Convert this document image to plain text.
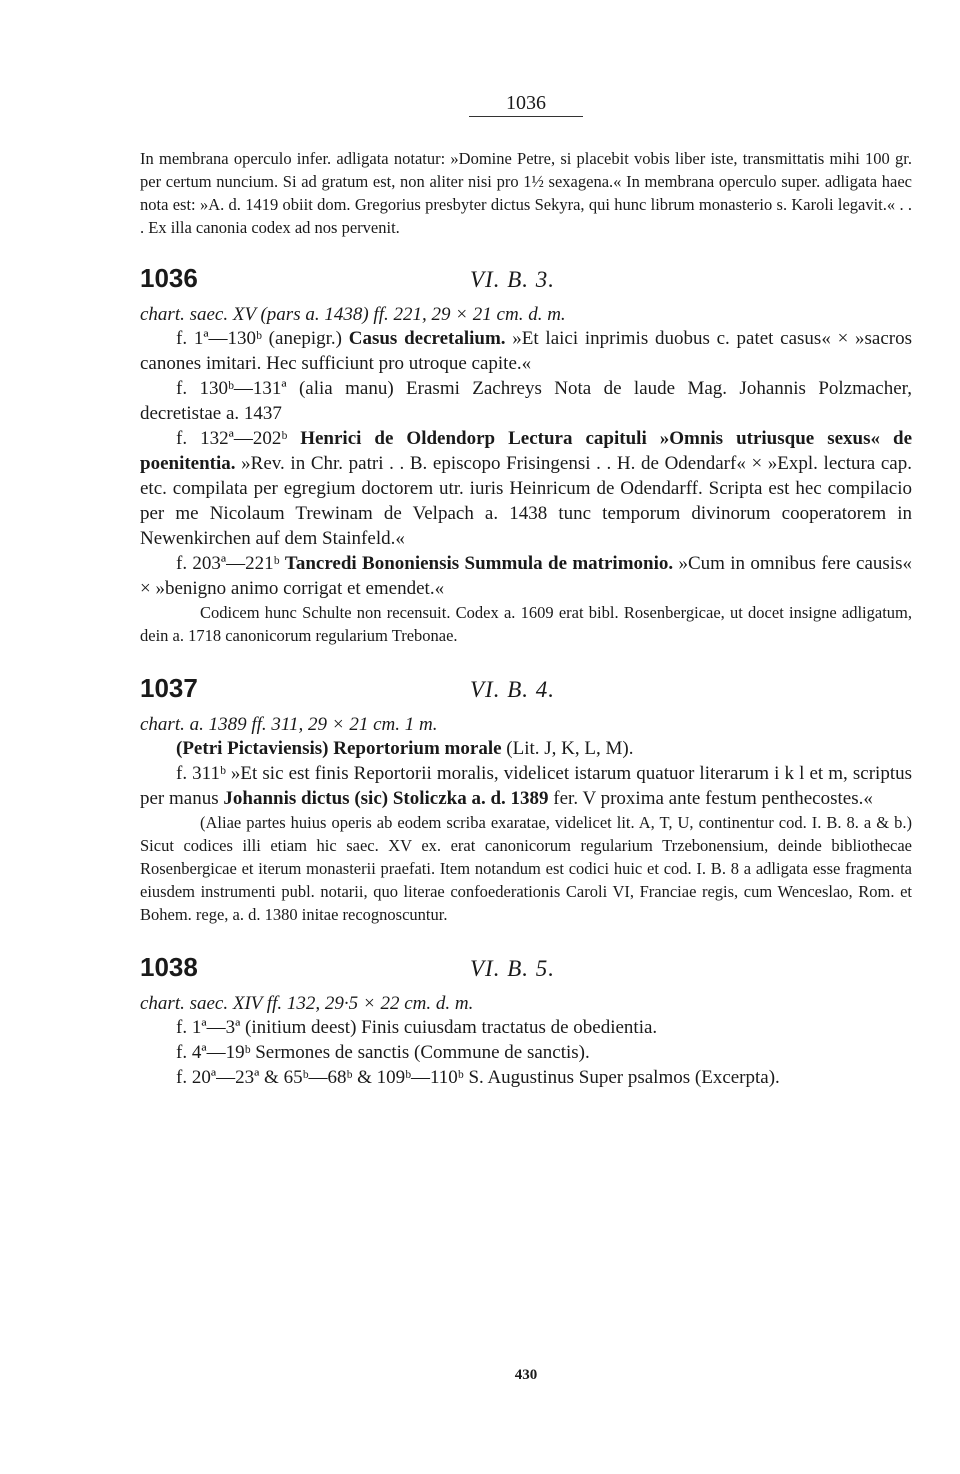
1036

In membrana operculo infer. adligata notatur: »Domine Petre, si placebit vobis liber iste, transmittatis mihi 100 gr. per certum nuncium. Si ad gratum est, non aliter nisi pro 1½ sexagena.« In membrana operculo super. adligata haec nota est: »A. d. 1419 obiit dom. Gregorius presbyter dictus Sekyra, qui hunc librum monasterio s. Karoli legavit.« . . . Ex illa canonia codex ad nos pervenit.

1036	VI. B. 3.

chart. saec. XV (pars a. 1438) ff. 221, 29 × 21 cm. d. m.

f. 1ª—130ᵇ (anepigr.) Casus decretalium. »Et laici inprimis duobus c. patet casus« × »sacros canones imitari. Hec sufficiunt pro utroque capite.«

f. 130ᵇ—131ª (alia manu) Erasmi Zachreys Nota de laude Mag. Johannis Polzmacher, decretistae a. 1437

f. 132ª—202ᵇ Henrici de Oldendorp Lectura capituli »Omnis utriusque sexus« de poenitentia. »Rev. in Chr. patri . . B. episcopo Frisingensi . . H. de Odendarf« × »Expl. lectura cap. etc. compilata per egregium doctorem utr. iuris Heinricum de Odendarff. Scripta est hec compilacio per me Nicolaum Trewinam de Velpach a. 1438 tunc temporum divinorum cooperatorem in Newenkirchen auf dem Stainfeld.«

f. 203ª—221ᵇ Tancredi Bononiensis Summula de matrimonio. »Cum in omnibus fere causis« × »benigno animo corrigat et emendet.«

Codicem hunc Schulte non recensuit. Codex a. 1609 erat bibl. Rosenbergicae, ut docet insigne adligatum, dein a. 1718 canonicorum regularium Trebonae.

1037	VI. B. 4.

chart. a. 1389 ff. 311, 29 × 21 cm. 1 m.

(Petri Pictaviensis) Reportorium morale (Lit. J, K, L, M).

f. 311ᵇ »Et sic est finis Reportorii moralis, videlicet istarum quatuor literarum i k l et m, scriptus per manus Johannis dictus (sic) Stoliczka a. d. 1389 fer. V proxima ante festum penthecostes.«

(Aliae partes huius operis ab eodem scriba exaratae, videlicet lit. A, T, U, continentur cod. I. B. 8. a & b.) Sicut codices illi etiam hic saec. XV ex. erat canonicorum regularium Trzebonensium, deinde bibliothecae Rosenbergicae et iterum monasterii praefati. Item notandum est codici huic et cod. I. B. 8 a adligata esse fragmenta eiusdem instrumenti publ. notarii, quo literae confoederationis Caroli VI, Franciae regis, cum Wenceslao, Rom. et Bohem. rege, a. d. 1380 initae recognoscuntur.

1038	VI. B. 5.

chart. saec. XIV ff. 132, 29·5 × 22 cm. d. m.

f. 1ª—3ª (initium deest) Finis cuiusdam tractatus de obedientia.

f. 4ª—19ᵇ Sermones de sanctis (Commune de sanctis).

f. 20ª—23ª & 65ᵇ—68ᵇ & 109ᵇ—110ᵇ S. Augustinus Super psalmos (Excerpta).

430
